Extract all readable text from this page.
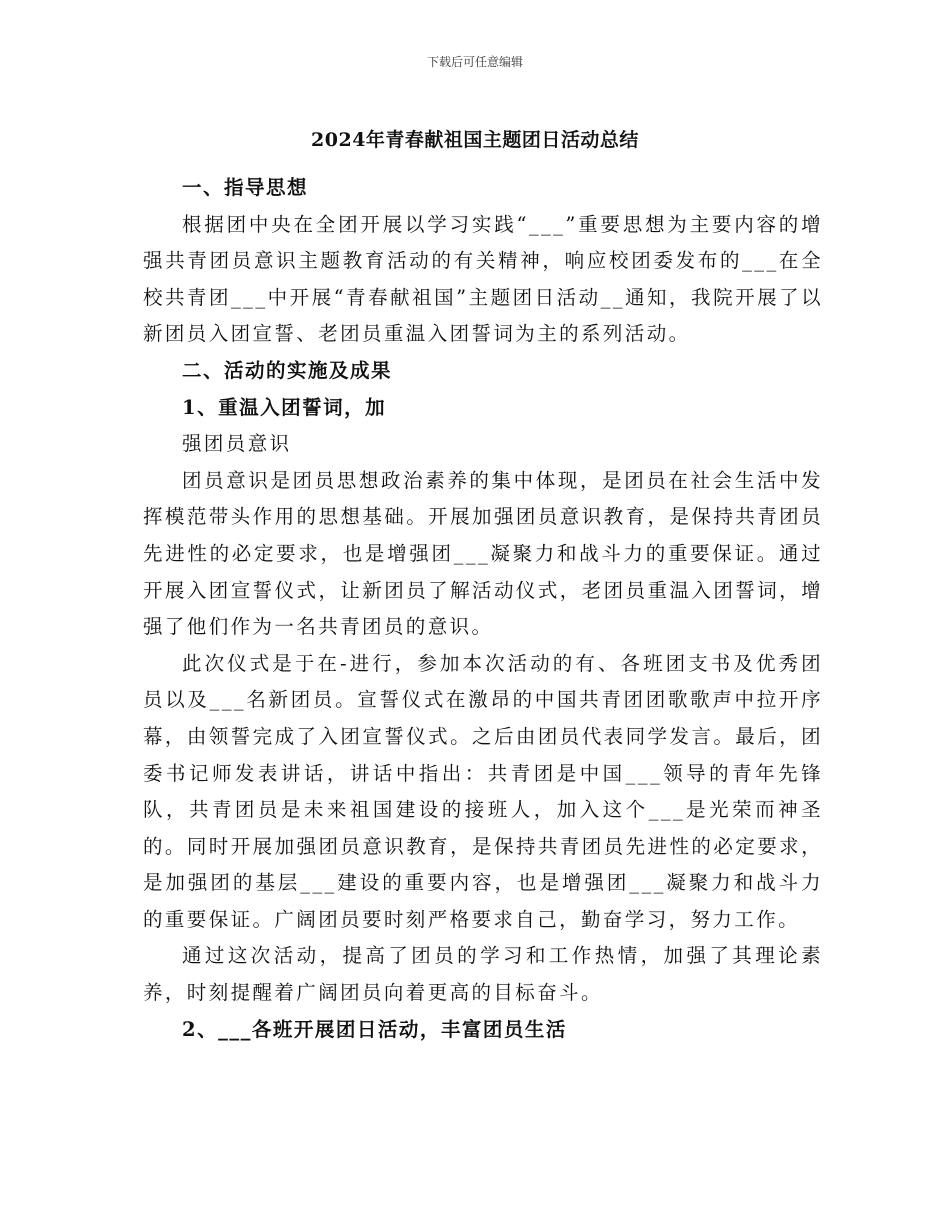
下载后可任意编辑
2024年青春献祖国主题团日活动总结

一、指导思想

根据团中央在全团开展以学习实践“___”重要思想为主要内容的增强共青团员意识主题教育活动的有关精神，响应校团委发布的___在全校共青团___中开展“青春献祖国”主题团日活动__通知，我院开展了以新团员入团宣誓、老团员重温入团誓词为主的系列活动。

二、活动的实施及成果

1、重温入团誓词，加

强团员意识

团员意识是团员思想政治素养的集中体现，是团员在社会生活中发挥模范带头作用的思想基础。开展加强团员意识教育，是保持共青团员先进性的必定要求，也是增强团___凝聚力和战斗力的重要保证。通过开展入团宣誓仪式，让新团员了解活动仪式，老团员重温入团誓词，增强了他们作为一名共青团员的意识。

此次仪式是于在-进行，参加本次活动的有、各班团支书及优秀团员以及___名新团员。宣誓仪式在激昂的中国共青团团歌歌声中拉开序幕，由领誓完成了入团宣誓仪式。之后由团员代表同学发言。最后，团委书记师发表讲话，讲话中指出：共青团是中国___领导的青年先锋队，共青团员是未来祖国建设的接班人，加入这个___是光荣而神圣的。同时开展加强团员意识教育，是保持共青团员先进性的必定要求，是加强团的基层___建设的重要内容，也是增强团___凝聚力和战斗力的重要保证。广阔团员要时刻严格要求自己，勤奋学习，努力工作。

通过这次活动，提高了团员的学习和工作热情，加强了其理论素养，时刻提醒着广阔团员向着更高的目标奋斗。

2、___各班开展团日活动，丰富团员生活
